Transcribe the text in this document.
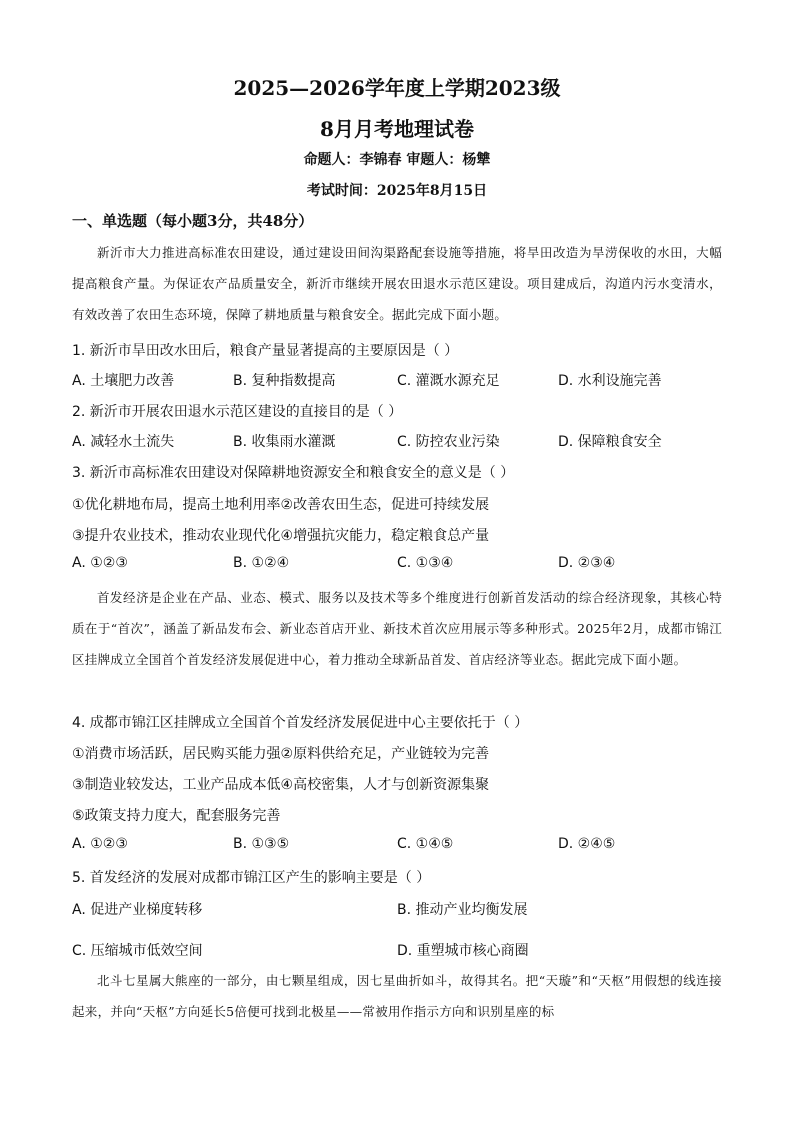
2025—2026学年度上学期2023级
8月月考地理试卷
命题人：李锦春 审题人：杨犨
考试时间：2025年8月15日
一、单选题（每小题3分，共48分）
新沂市大力推进高标准农田建设，通过建设田间沟渠路配套设施等措施，将旱田改造为旱涝保收的水田，大幅提高粮食产量。为保证农产品质量安全，新沂市继续开展农田退水示范区建设。项目建成后，沟道内污水变清水，有效改善了农田生态环境，保障了耕地质量与粮食安全。据此完成下面小题。
1. 新沂市旱田改水田后，粮食产量显著提高的主要原因是（ ）
A. 土壤肥力改善	B. 复种指数提高	C. 灌溉水源充足	D. 水利设施完善
2. 新沂市开展农田退水示范区建设的直接目的是（ ）
A. 减轻水土流失	B. 收集雨水灌溉	C. 防控农业污染	D. 保障粮食安全
3. 新沂市高标准农田建设对保障耕地资源安全和粮食安全的意义是（ ）
①优化耕地布局，提高土地利用率②改善农田生态，促进可持续发展
③提升农业技术，推动农业现代化④增强抗灾能力，稳定粮食总产量
A. ①②③	B. ①②④	C. ①③④	D. ②③④
首发经济是企业在产品、业态、模式、服务以及技术等多个维度进行创新首发活动的综合经济现象，其核心特质在于“首次”，涵盖了新品发布会、新业态首店开业、新技术首次应用展示等多种形式。2025年2月，成都市锦江区挂牌成立全国首个首发经济发展促进中心，着力推动全球新品首发、首店经济等业态。据此完成下面小题。
4. 成都市锦江区挂牌成立全国首个首发经济发展促进中心主要依托于（ ）
①消费市场活跃，居民购买能力强②原料供给充足，产业链较为完善
③制造业较发达，工业产品成本低④高校密集，人才与创新资源集聚
⑤政策支持力度大，配套服务完善
A. ①②③	B. ①③⑤	C. ①④⑤	D. ②④⑤
5. 首发经济的发展对成都市锦江区产生的影响主要是（ ）
A. 促进产业梯度转移	B. 推动产业均衡发展
C. 压缩城市低效空间	D. 重塑城市核心商圈
北斗七星属大熊座的一部分，由七颗星组成，因七星曲折如斗，故得其名。把“天璇”和“天枢”用假想的线连接起来，并向“天枢”方向延长5倍便可找到北极星——常被用作指示方向和识别星座的标
